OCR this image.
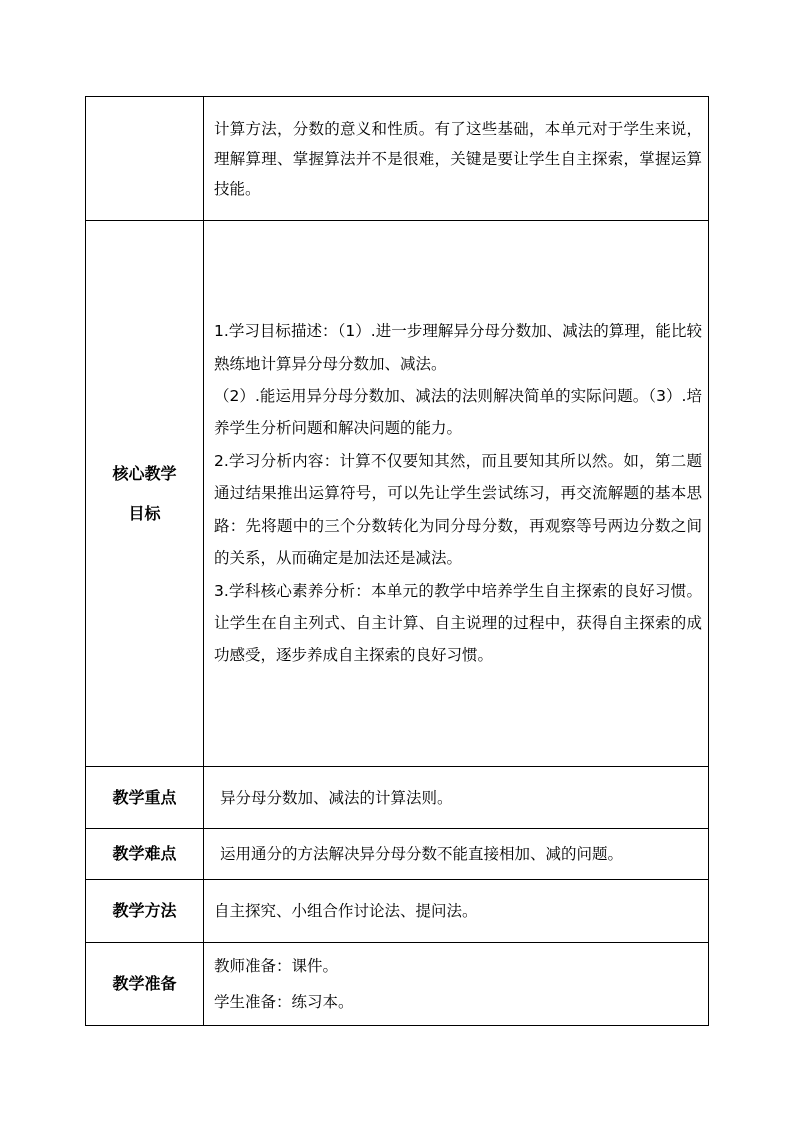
	计算方法，分数的意义和性质。有了这些基础，本单元对于学生来说，理解算理、掌握算法并不是很难，关键是要让学生自主探索，掌握运算技能。

核心教学目标	1.学习目标描述：（1）.进一步理解异分母分数加、减法的算理，能比较熟练地计算异分母分数加、减法。

（2）.能运用异分母分数加、减法的法则解决简单的实际问题。（3）.培养学生分析问题和解决问题的能力。

2.学习分析内容：计算不仅要知其然，而且要知其所以然。如，第二题通过结果推出运算符号，可以先让学生尝试练习，再交流解题的基本思路：先将题中的三个分数转化为同分母分数，再观察等号两边分数之间的关系，从而确定是加法还是减法。

3.学科核心素养分析：本单元的教学中培养学生自主探索的良好习惯。让学生在自主列式、自主计算、自主说理的过程中，获得自主探索的成功感受，逐步养成自主探索的良好习惯。

教学重点	异分母分数加、减法的计算法则。

教学难点	运用通分的方法解决异分母分数不能直接相加、减的问题。

教学方法	自主探究、小组合作讨论法、提问法。

教学准备	教师准备：课件。

学生准备：练习本。
